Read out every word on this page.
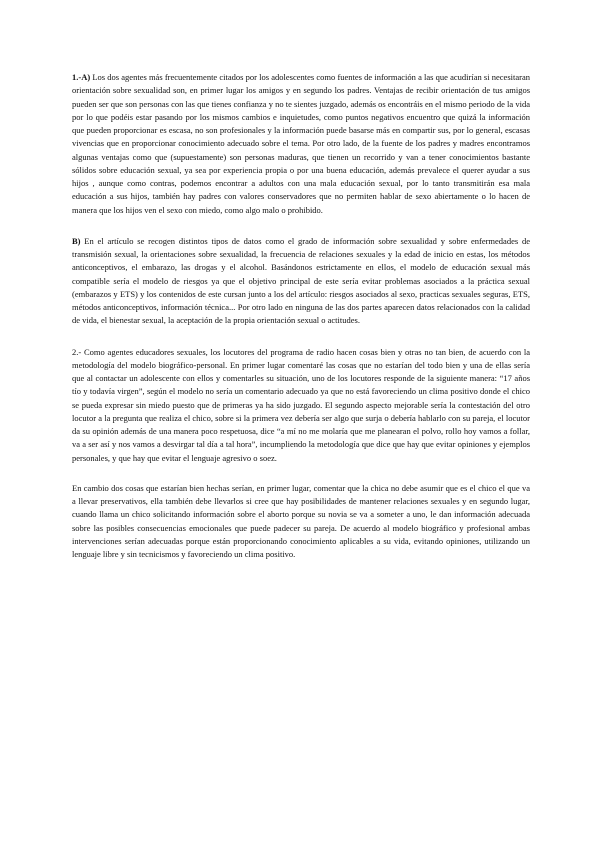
1.-A) Los dos agentes más frecuentemente citados por los adolescentes como fuentes de información a las que acudirían si necesitaran orientación sobre sexualidad son, en primer lugar los amigos y en segundo los padres. Ventajas de recibir orientación de tus amigos pueden ser que son personas con las que tienes confianza y no te sientes juzgado, además os encontráis en el mismo periodo de la vida por lo que podéis estar pasando por los mismos cambios e inquietudes, como puntos negativos encuentro que quizá la información que pueden proporcionar es escasa, no son profesionales y la información puede basarse más en compartir sus, por lo general, escasas vivencias que en proporcionar conocimiento adecuado sobre el tema. Por otro lado, de la fuente de los padres y madres encontramos algunas ventajas como que (supuestamente) son personas maduras, que tienen un recorrido y van a tener conocimientos bastante sólidos sobre educación sexual, ya sea por experiencia propia o por una buena educación, además prevalece el querer ayudar a sus hijos , aunque como contras, podemos encontrar a adultos con una mala educación sexual, por lo tanto transmitirán esa mala educación a sus hijos, también hay padres con valores conservadores que no permiten hablar de sexo abiertamente o lo hacen de manera que los hijos ven el sexo con miedo, como algo malo o prohibido.

B) En el artículo se recogen distintos tipos de datos como el grado de información sobre sexualidad y sobre enfermedades de transmisión sexual, la orientaciones sobre sexualidad, la frecuencia de relaciones sexuales y la edad de inicio en estas, los métodos anticonceptivos, el embarazo, las drogas y el alcohol. Basándonos estrictamente en ellos, el modelo de educación sexual más compatible sería el modelo de riesgos ya que el objetivo principal de este sería evitar problemas asociados a la práctica sexual (embarazos y ETS) y los contenidos de este cursan junto a los del artículo: riesgos asociados al sexo, practicas sexuales seguras, ETS, métodos anticonceptivos, información técnica... Por otro lado en ninguna de las dos partes aparecen datos relacionados con la calidad de vida, el bienestar sexual, la aceptación de la propia orientación sexual o actitudes.

2.- Como agentes educadores sexuales, los locutores del programa de radio hacen cosas bien y otras no tan bien, de acuerdo con la metodología del modelo biográfico-personal. En primer lugar comentaré las cosas que no estarían del todo bien y una de ellas sería que al contactar un adolescente con ellos y comentarles su situación, uno de los locutores responde de la siguiente manera: “17 años tío y todavía virgen”, según el modelo no sería un comentario adecuado ya que no está favoreciendo un clima positivo donde el chico se pueda expresar sin miedo puesto que de primeras ya ha sido juzgado. El segundo aspecto mejorable sería la contestación del otro locutor a la pregunta que realiza el chico, sobre si la primera vez debería ser algo que surja o debería hablarlo con su pareja, el locutor da su opinión además de una manera poco respetuosa, dice “a mí no me molaría que me planearan el polvo, rollo hoy vamos a follar, va a ser así y nos vamos a desvirgar tal día a tal hora”, incumpliendo la metodología que dice que hay que evitar opiniones y ejemplos personales, y que hay que evitar el lenguaje agresivo o soez.

En cambio dos cosas que estarían bien hechas serían, en primer lugar, comentar que la chica no debe asumir que es el chico el que va a llevar preservativos, ella también debe llevarlos si cree que hay posibilidades de mantener relaciones sexuales y en segundo lugar, cuando llama un chico solicitando información sobre el aborto porque su novia se va a someter a uno, le dan información adecuada sobre las posibles consecuencias emocionales que puede padecer su pareja. De acuerdo al modelo biográfico y profesional ambas intervenciones serían adecuadas porque están proporcionando conocimiento aplicables a su vida, evitando opiniones, utilizando un lenguaje libre y sin tecnicismos y favoreciendo un clima positivo.
